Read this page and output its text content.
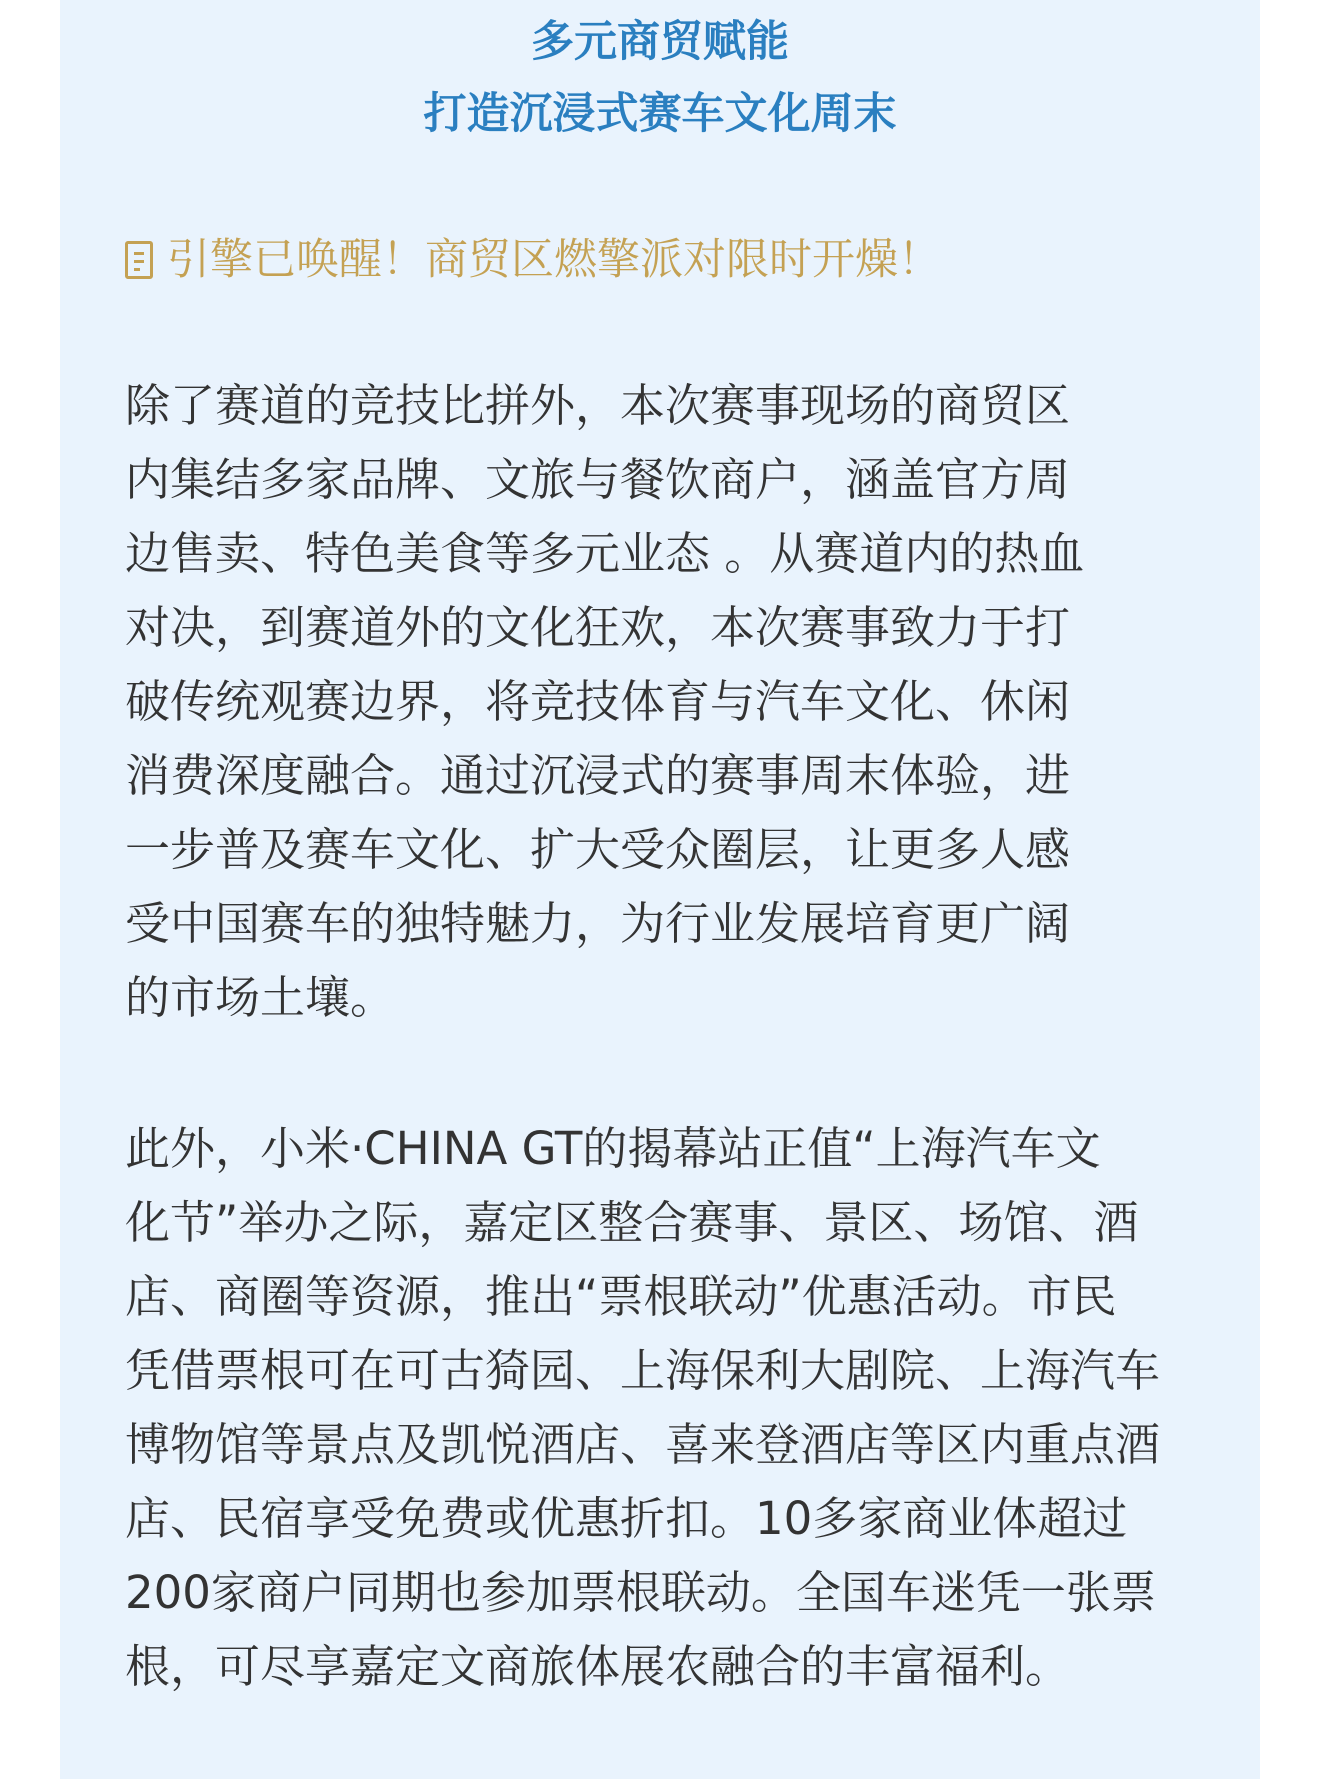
多元商贸赋能
打造沉浸式赛车文化周末
引擎已唤醒！商贸区燃擎派对限时开燥！
除了赛道的竞技比拼外，本次赛事现场的商贸区
内集结多家品牌、文旅与餐饮商户，涵盖官方周
边售卖、特色美食等多元业态 。从赛道内的热血
对决，到赛道外的文化狂欢，本次赛事致力于打
破传统观赛边界，将竞技体育与汽车文化、休闲
消费深度融合。通过沉浸式的赛事周末体验，进
一步普及赛车文化、扩大受众圈层，让更多人感
受中国赛车的独特魅力，为行业发展培育更广阔
的市场土壤。
此外，小米·CHINA GT的揭幕站正值“上海汽车文
化节”举办之际，嘉定区整合赛事、景区、场馆、酒
店、商圈等资源，推出“票根联动”优惠活动。市民
凭借票根可在可古猗园、上海保利大剧院、上海汽车
博物馆等景点及凯悦酒店、喜来登酒店等区内重点酒
店、民宿享受免费或优惠折扣。10多家商业体超过
200家商户同期也参加票根联动。全国车迷凭一张票
根，可尽享嘉定文商旅体展农融合的丰富福利。
